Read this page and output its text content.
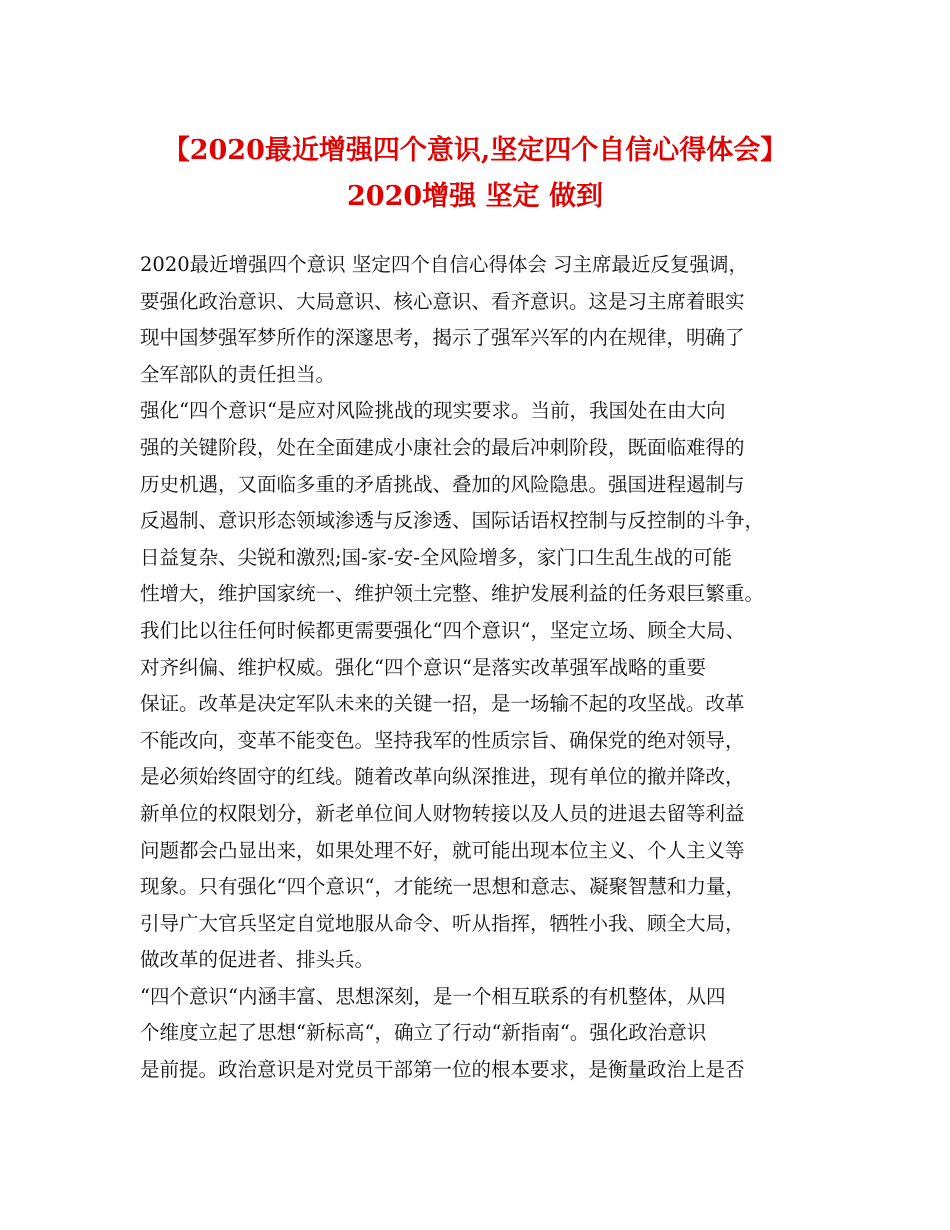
【2020最近增强四个意识,坚定四个自信心得体会】
2020增强 坚定 做到
2020最近增强四个意识 坚定四个自信心得体会 习主席最近反复强调，
要强化政治意识、大局意识、核心意识、看齐意识。这是习主席着眼实
现中国梦强军梦所作的深邃思考，揭示了强军兴军的内在规律，明确了
全军部队的责任担当。
强化“四个意识“是应对风险挑战的现实要求。当前，我国处在由大向
强的关键阶段，处在全面建成小康社会的最后冲刺阶段，既面临难得的
历史机遇，又面临多重的矛盾挑战、叠加的风险隐患。强国进程遏制与
反遏制、意识形态领域渗透与反渗透、国际话语权控制与反控制的斗争，
日益复杂、尖锐和激烈;国-家-安-全风险增多，家门口生乱生战的可能
性增大，维护国家统一、维护领土完整、维护发展利益的任务艰巨繁重。
我们比以往任何时候都更需要强化“四个意识“，坚定立场、顾全大局、
对齐纠偏、维护权威。强化“四个意识“是落实改革强军战略的重要
保证。改革是决定军队未来的关键一招，是一场输不起的攻坚战。改革
不能改向，变革不能变色。坚持我军的性质宗旨、确保党的绝对领导，
是必须始终固守的红线。随着改革向纵深推进，现有单位的撤并降改，
新单位的权限划分，新老单位间人财物转接以及人员的进退去留等利益
问题都会凸显出来，如果处理不好，就可能出现本位主义、个人主义等
现象。只有强化“四个意识“，才能统一思想和意志、凝聚智慧和力量，
引导广大官兵坚定自觉地服从命令、听从指挥，牺牲小我、顾全大局，
做改革的促进者、排头兵。
“四个意识“内涵丰富、思想深刻，是一个相互联系的有机整体，从四
个维度立起了思想“新标高“，确立了行动“新指南“。强化政治意识
是前提。政治意识是对党员干部第一位的根本要求，是衡量政治上是否
